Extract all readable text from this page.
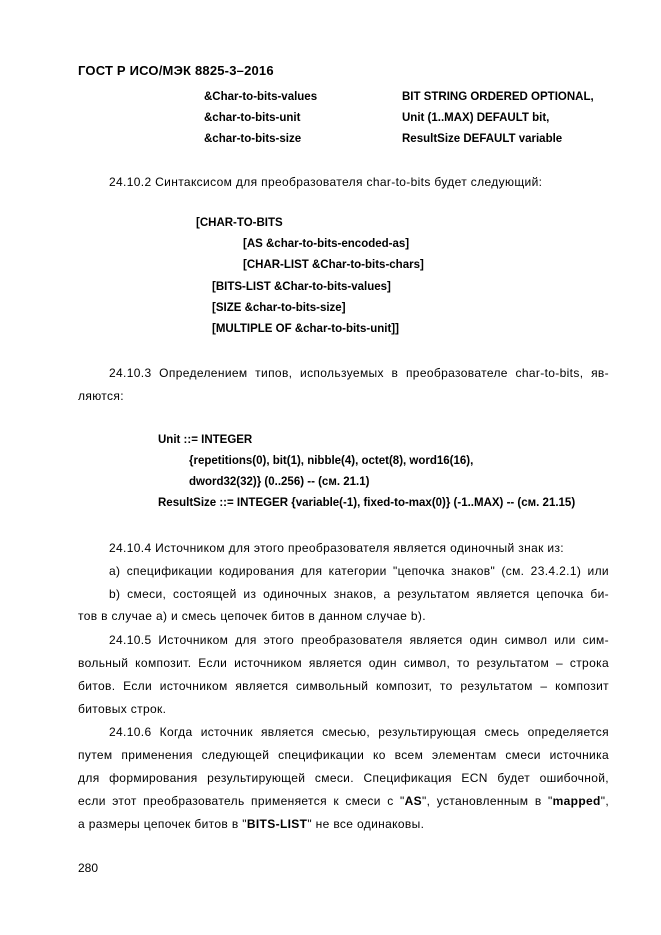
ГОСТ Р ИСО/МЭК 8825-3–2016
&Char-to-bits-values	BIT STRING ORDERED OPTIONAL,
&char-to-bits-unit	Unit (1..MAX) DEFAULT bit,
&char-to-bits-size	ResultSize DEFAULT variable
24.10.2 Синтаксисом для преобразователя char-to-bits будет следующий:
[CHAR-TO-BITS
[AS &char-to-bits-encoded-as]
[CHAR-LIST &Char-to-bits-chars]
[BITS-LIST &Char-to-bits-values]
[SIZE &char-to-bits-size]
[MULTIPLE OF &char-to-bits-unit]]
24.10.3 Определением типов, используемых в преобразователе char-to-bits, яв-
ляются:
Unit ::= INTEGER
{repetitions(0), bit(1), nibble(4), octet(8), word16(16),
dword32(32)} (0..256) -- (см. 21.1)
ResultSize ::= INTEGER {variable(-1), fixed-to-max(0)} (-1..MAX) -- (см. 21.15)
24.10.4 Источником для этого преобразователя является одиночный знак из:
a) спецификации кодирования для категории "цепочка знаков" (см. 23.4.2.1) или
b) смеси, состоящей из одиночных знаков, а результатом является цепочка би-
тов в случае a) и смесь цепочек битов в данном случае b).
24.10.5 Источником для этого преобразователя является один символ или сим-
вольный композит. Если источником является один символ, то результатом – строка
битов. Если источником является символьный композит, то результатом – композит
битовых строк.
24.10.6 Когда источник является смесью, результирующая смесь определяется
путем применения следующей спецификации ко всем элементам смеси источника
для формирования результирующей смеси. Спецификация ECN будет ошибочной,
если этот преобразователь применяется к смеси с "AS", установленным в "mapped",
а размеры цепочек битов в "BITS-LIST" не все одинаковы.
280
